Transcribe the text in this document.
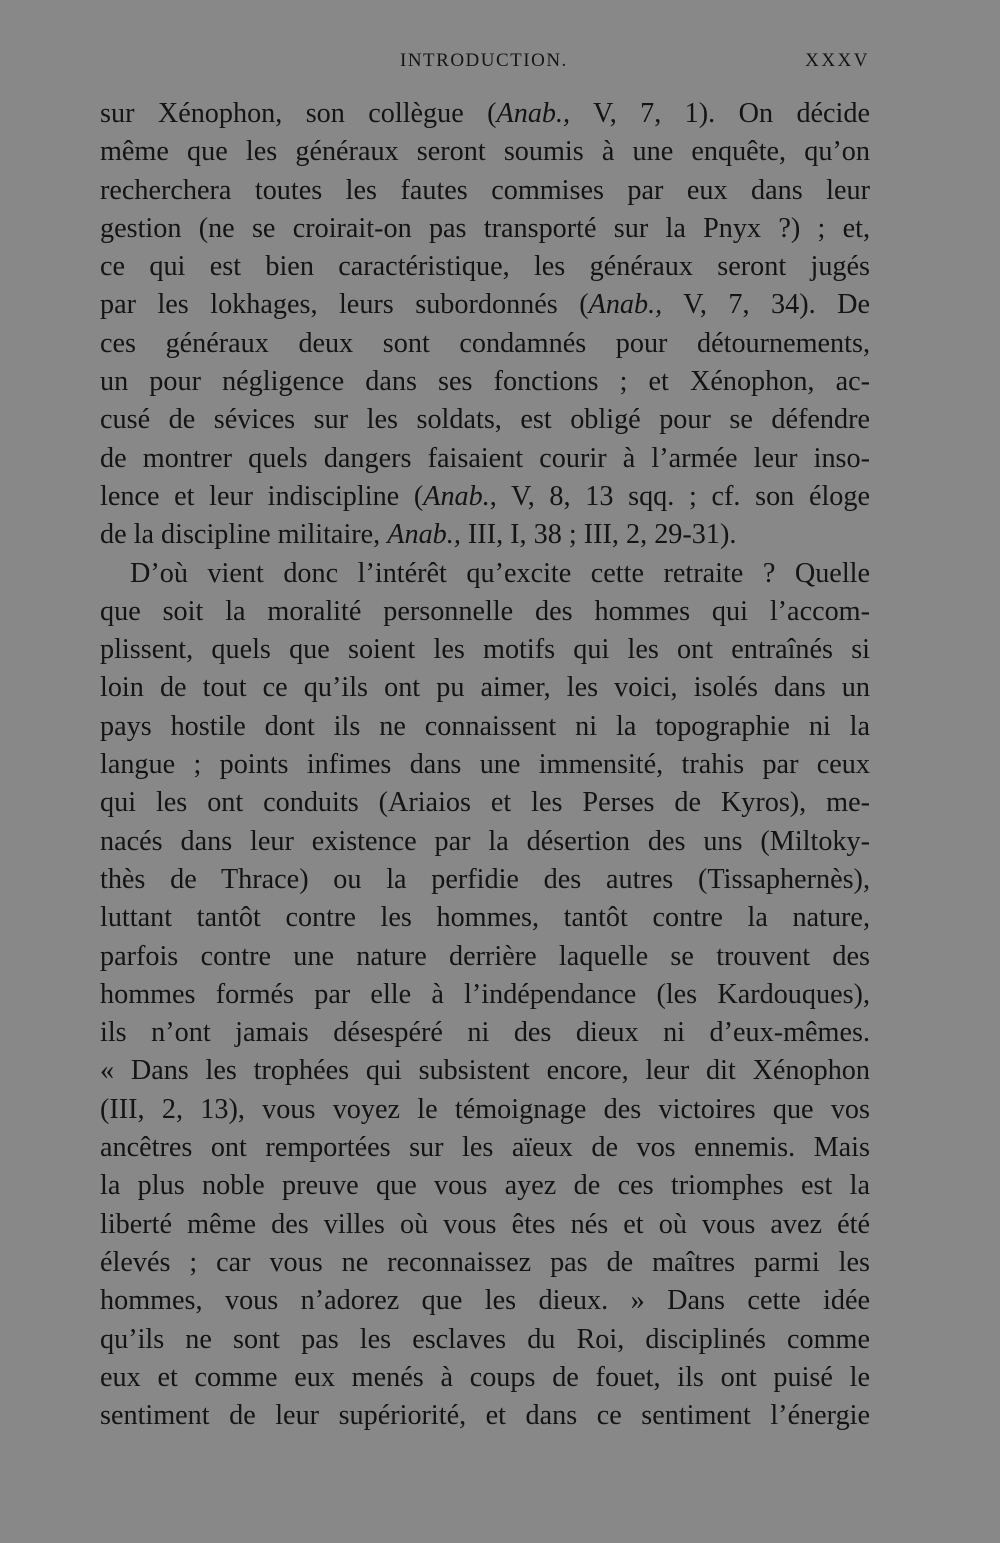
INTRODUCTION.	XXXV
sur Xénophon, son collègue (Anab., V, 7, 1). On décide
même que les généraux seront soumis à une enquête, qu’on
recherchera toutes les fautes commises par eux dans leur
gestion (ne se croirait-on pas transporté sur la Pnyx ?) ; et,
ce qui est bien caractéristique, les généraux seront jugés
par les lokhages, leurs subordonnés (Anab., V, 7, 34). De
ces généraux deux sont condamnés pour détournements,
un pour négligence dans ses fonctions ; et Xénophon, ac-
cusé de sévices sur les soldats, est obligé pour se défendre
de montrer quels dangers faisaient courir à l’armée leur inso-
lence et leur indiscipline (Anab., V, 8, 13 sqq. ; cf. son éloge
de la discipline militaire, Anab., III, I, 38 ; III, 2, 29-31).
D’où vient donc l’intérêt qu’excite cette retraite ? Quelle
que soit la moralité personnelle des hommes qui l’accom-
plissent, quels que soient les motifs qui les ont entraînés si
loin de tout ce qu’ils ont pu aimer, les voici, isolés dans un
pays hostile dont ils ne connaissent ni la topographie ni la
langue ; points infimes dans une immensité, trahis par ceux
qui les ont conduits (Ariaios et les Perses de Kyros), me-
nacés dans leur existence par la désertion des uns (Miltoky-
thès de Thrace) ou la perfidie des autres (Tissaphernès),
luttant tantôt contre les hommes, tantôt contre la nature,
parfois contre une nature derrière laquelle se trouvent des
hommes formés par elle à l’indépendance (les Kardouques),
ils n’ont jamais désespéré ni des dieux ni d’eux-mêmes.
« Dans les trophées qui subsistent encore, leur dit Xénophon
(III, 2, 13), vous voyez le témoignage des victoires que vos
ancêtres ont remportées sur les aïeux de vos ennemis. Mais
la plus noble preuve que vous ayez de ces triomphes est la
liberté même des villes où vous êtes nés et où vous avez été
élevés ; car vous ne reconnaissez pas de maîtres parmi les
hommes, vous n’adorez que les dieux. » Dans cette idée
qu’ils ne sont pas les esclaves du Roi, disciplinés comme
eux et comme eux menés à coups de fouet, ils ont puisé le
sentiment de leur supériorité, et dans ce sentiment l’énergie
